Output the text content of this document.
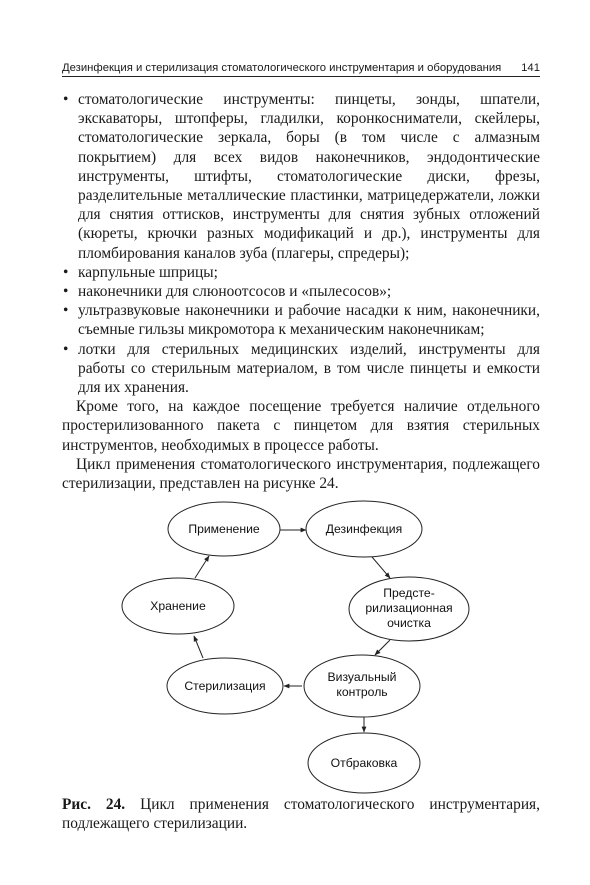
Дезинфекция и стерилизация стоматологического инструментария и оборудования 141
• стоматологические инструменты: пинцеты, зонды, шпатели, экскаваторы, штопферы, гладилки, коронкосниматели, скейлеры, стоматологические зеркала, боры (в том числе с алмазным покрытием) для всех видов наконечников, эндодонтические инструменты, штифты, стоматологические диски, фрезы, разделительные металлические пластинки, матрицедержатели, ложки для снятия оттисков, инструменты для снятия зубных отложений (кюреты, крючки разных модификаций и др.), инструменты для пломбирования каналов зуба (плагеры, спредеры);
• карпульные шприцы;
• наконечники для слюноотсосов и «пылесосов»;
• ультразвуковые наконечники и рабочие насадки к ним, наконечники, съемные гильзы микромотора к механическим наконечникам;
• лотки для стерильных медицинских изделий, инструменты для работы со стерильным материалом, в том числе пинцеты и емкости для их хранения.

Кроме того, на каждое посещение требуется наличие отдельного простерилизованного пакета с пинцетом для взятия стерильных инструментов, необходимых в процессе работы.

Цикл применения стоматологического инструментария, подлежащего стерилизации, представлен на рисунке 24.

Применение	Дезинфекция
Предсте-
рилизационная
очистка
Визуальный
контроль
Отбраковка
Стерилизация
Хранение
Рис. 24. Цикл применения стоматологического инструментария, подлежащего стерилизации.
